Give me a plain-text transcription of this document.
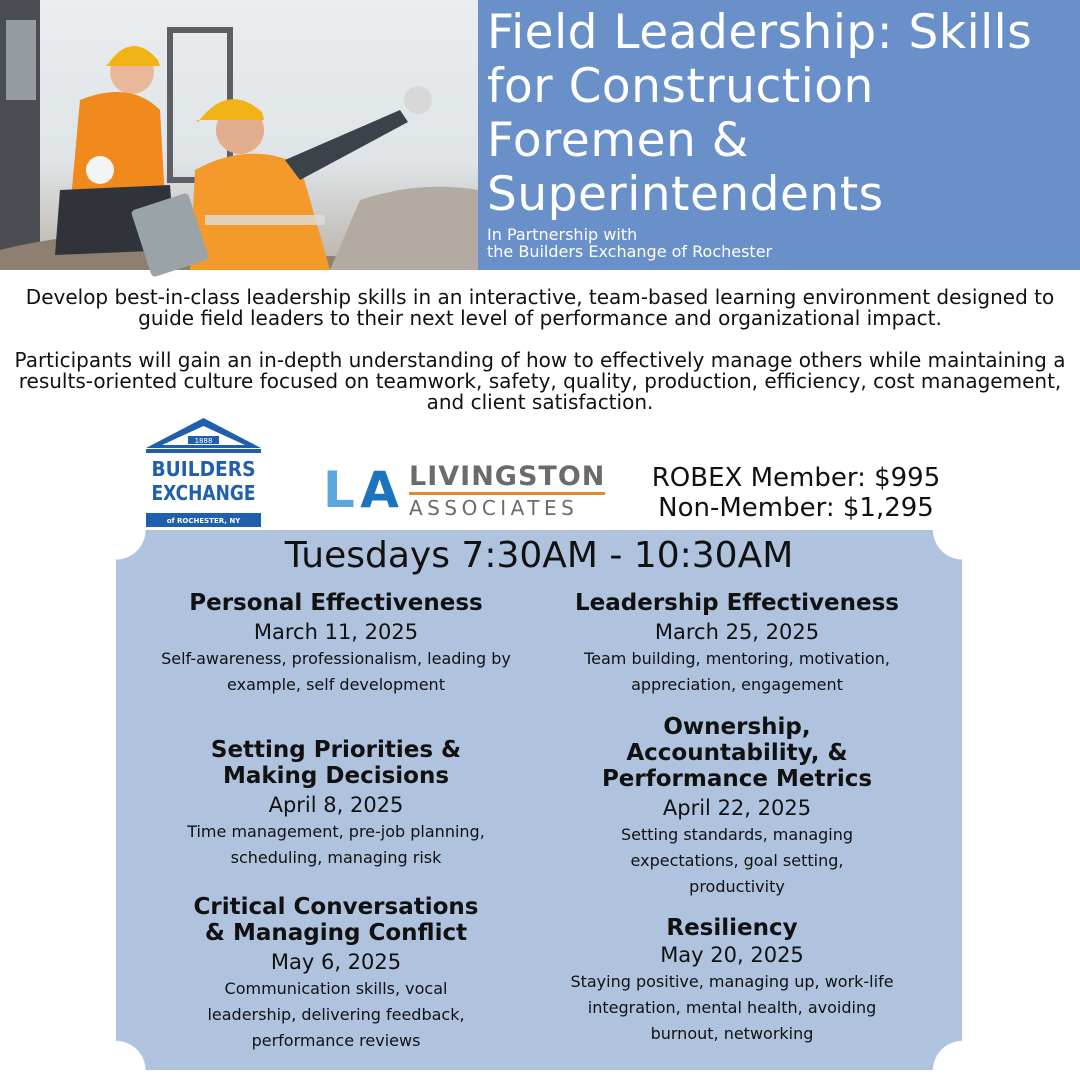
Field Leadership: Skills for Construction Foremen & Superintendents
In Partnership with
the Builders Exchange of Rochester

Develop best-in-class leadership skills in an interactive, team-based learning environment designed to guide field leaders to their next level of performance and organizational impact.

Participants will gain an in-depth understanding of how to effectively manage others while maintaining a results-oriented culture focused on teamwork, safety, quality, production, efficiency, cost management, and client satisfaction.

1888
BUILDERS
EXCHANGE
of ROCHESTER, NY
L A LIVINGSTON
ASSOCIATES
ROBEX Member: $995
Non-Member: $1,295
Tuesdays 7:30AM - 10:30AM
Personal Effectiveness
March 11, 2025
Self-awareness, professionalism, leading by example, self development
Leadership Effectiveness
March 25, 2025
Team building, mentoring, motivation, appreciation, engagement
Setting Priorities & Making Decisions
April 8, 2025
Time management, pre-job planning, scheduling, managing risk
Ownership, Accountability, & Performance Metrics
April 22, 2025
Setting standards, managing expectations, goal setting, productivity
Critical Conversations & Managing Conflict
May 6, 2025
Communication skills, vocal leadership, delivering feedback, performance reviews
Resiliency
May 20, 2025
Staying positive, managing up, work-life integration, mental health, avoiding burnout, networking
